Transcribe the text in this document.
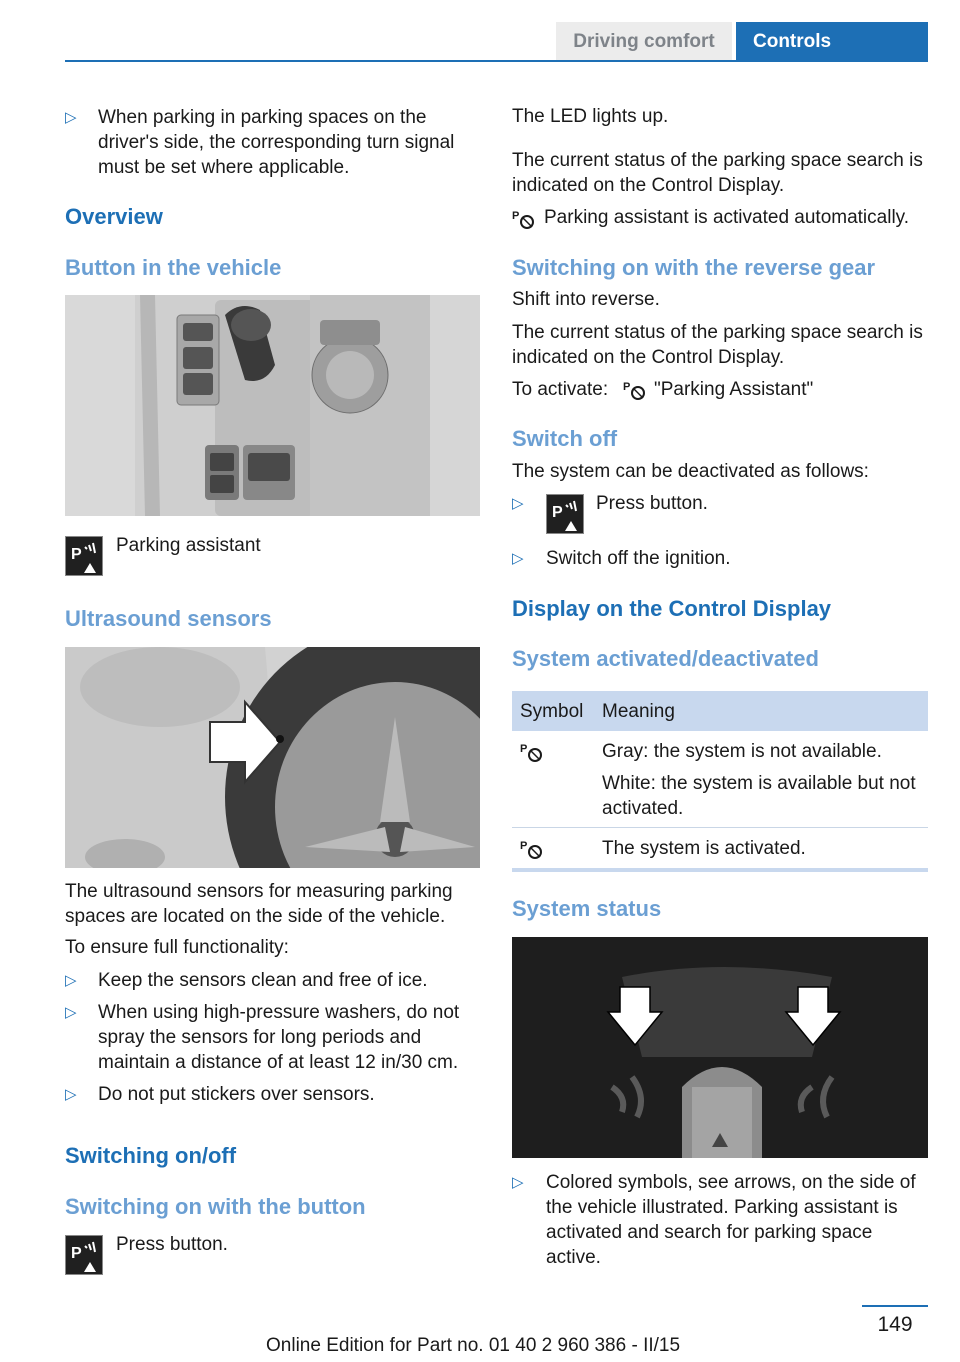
Driving comfort	Controls
▷ When parking in parking spaces on the driver's side, the corresponding turn signal must be set where applicable.
Overview
Button in the vehicle
P Parking assistant
Ultrasound sensors
The ultrasound sensors for measuring parking spaces are located on the side of the vehicle.
To ensure full functionality:
▷ Keep the sensors clean and free of ice.
▷ When using high-pressure washers, do not spray the sensors for long periods and maintain a distance of at least 12 in/30 cm.
▷ Do not put stickers over sensors.
Switching on/off
Switching on with the button
P Press button.
The LED lights up.
The current status of the parking space search is indicated on the Control Display.
P Parking assistant is activated automatically.
Switching on with the reverse gear
Shift into reverse.
The current status of the parking space search is indicated on the Control Display.
To activate: P "Parking Assistant"
Switch off
The system can be deactivated as follows:
▷
P Press button.
▷ Switch off the ignition.
Display on the Control Display
System activated/deactivated
Symbol Meaning
P	Gray: the system is not available.
White: the system is available but not activated.
P	The system is activated.
System status
▷ Colored symbols, see arrows, on the side of the vehicle illustrated. Parking assistant is activated and search for parking space active.
149
Online Edition for Part no. 01 40 2 960 386 - II/15
